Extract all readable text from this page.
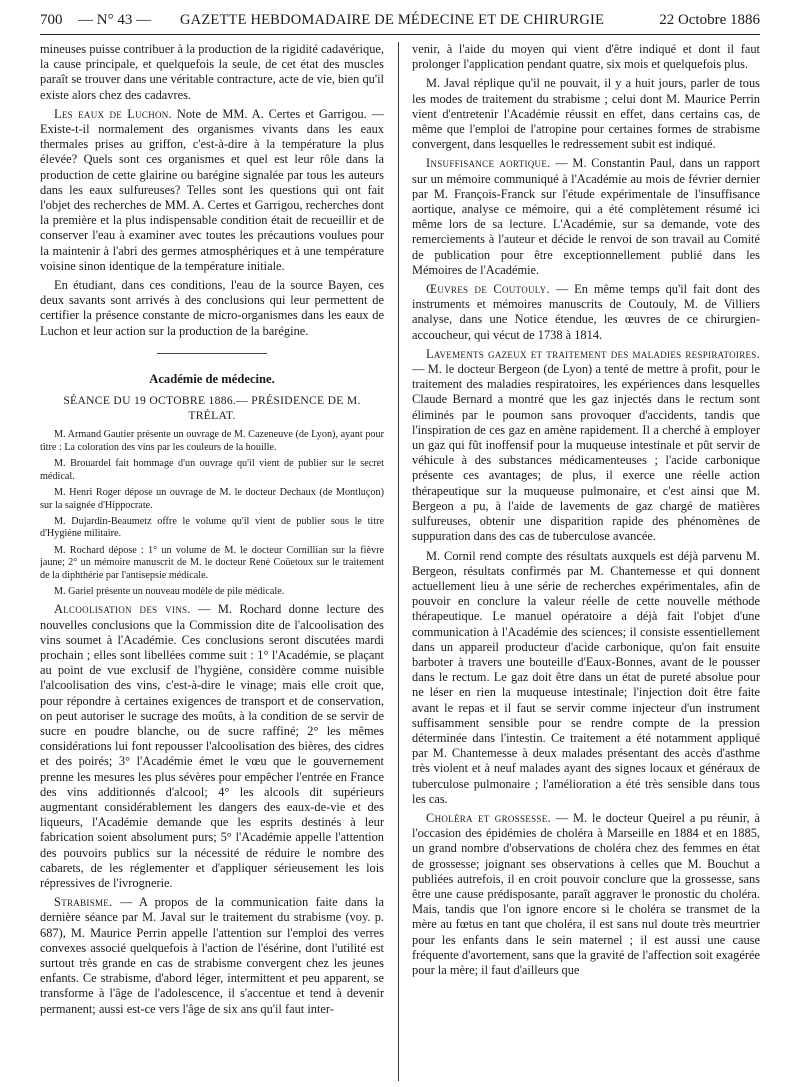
700 — N° 43 — GAZETTE HEBDOMADAIRE DE MÉDECINE ET DE CHIRURGIE	22 Octobre 1886

mineuses puisse contribuer à la production de la rigidité cadavérique, la cause principale, et quelquefois la seule, de cet état des muscles paraît se trouver dans une véritable contracture, acte de vie, bien qu'il existe alors chez des cadavres.

Les eaux de Luchon. Note de MM. A. Certes et Garrigou. — Existe-t-il normalement des organismes vivants dans les eaux thermales prises au griffon, c'est-à-dire à la température la plus élevée? Quels sont ces organismes et quel est leur rôle dans la production de cette glairine ou barégine signalée par tous les auteurs dans les eaux sulfureuses? Telles sont les questions qui ont fait l'objet des recherches de MM. A. Certes et Garrigou, recherches dont la première et la plus indispensable condition était de recueillir et de conserver l'eau à examiner avec toutes les précautions voulues pour la maintenir à l'abri des germes atmosphériques et à une température voisine sinon identique de la température initiale.

En étudiant, dans ces conditions, l'eau de la source Bayen, ces deux savants sont arrivés à des conclusions qui leur permettent de certifier la présence constante de micro-organismes dans les eaux de Luchon et leur action sur la production de la barégine.

Académie de médecine.
SÉANCE DU 19 OCTOBRE 1886.— PRÉSIDENCE DE M. TRÉLAT.

M. Armand Gautier présente un ouvrage de M. Cazeneuve (de Lyon), ayant pour titre : La coloration des vins par les couleurs de la houille.

M. Brouardel fait hommage d'un ouvrage qu'il vient de publier sur le secret médical.

M. Henri Roger dépose un ouvrage de M. le docteur Dechaux (de Montluçon) sur la saignée d'Hippocrate.

M. Dujardin-Beaumetz offre le volume qu'il vient de publier sous le titre d'Hygiène militaire.

M. Rochard dépose : 1° un volume de M. le docteur Cornillian sur la fièvre jaune; 2° un mémoire manuscrit de M. le docteur René Coüetoux sur le traitement de la diphthérie par l'antisepsie médicale.

M. Gariel présente un nouveau modèle de pile médicale.

Alcoolisation des vins. — M. Rochard donne lecture des nouvelles conclusions que la Commission dite de l'alcoolisation des vins soumet à l'Académie. Ces conclusions seront discutées mardi prochain ; elles sont libellées comme suit : 1° l'Académie, se plaçant au point de vue exclusif de l'hygiène, considère comme nuisible l'alcoolisation des vins, c'est-à-dire le vinage; mais elle croit que, pour répondre à certaines exigences de transport et de conservation, on peut autoriser le sucrage des moûts, à la condition de se servir de sucre en poudre blanche, ou de sucre raffiné; 2° les mêmes considérations lui font repousser l'alcoolisation des bières, des cidres et des poirés; 3° l'Académie émet le vœu que le gouvernement prenne les mesures les plus sévères pour empêcher l'entrée en France des vins additionnés d'alcool; 4° les alcools dit supérieurs augmentant considérablement les dangers des eaux-de-vie et des liqueurs, l'Académie demande que les esprits destinés à leur fabrication soient absolument purs; 5° l'Académie appelle l'attention des pouvoirs publics sur la nécessité de réduire le nombre des cabarets, de les réglementer et d'appliquer sérieusement les lois répressives de l'ivrognerie.

Strabisme. — A propos de la communication faite dans la dernière séance par M. Javal sur le traitement du strabisme (voy. p. 687), M. Maurice Perrin appelle l'attention sur l'emploi des verres convexes associé quelquefois à l'action de l'ésérine, dont l'utilité est surtout très grande en cas de strabisme convergent chez les jeunes enfants. Ce strabisme, d'abord léger, intermittent et peu apparent, se transforme à l'âge de l'adolescence, il s'accentue et tend à devenir permanent; aussi est-ce vers l'âge de six ans qu'il faut inter-

venir, à l'aide du moyen qui vient d'être indiqué et dont il faut prolonger l'application pendant quatre, six mois et quelquefois plus.

M. Javal réplique qu'il ne pouvait, il y a huit jours, parler de tous les modes de traitement du strabisme ; celui dont M. Maurice Perrin vient d'entretenir l'Académie réussit en effet, dans certains cas, de même que l'emploi de l'atropine pour certaines formes de strabisme convergent, dans lesquelles le redressement subit est indiqué.

Insuffisance aortique. — M. Constantin Paul, dans un rapport sur un mémoire communiqué à l'Académie au mois de février dernier par M. François-Franck sur l'étude expérimentale de l'insuffisance aortique, analyse ce mémoire, qui a été complètement résumé ici même lors de sa lecture. L'Académie, sur sa demande, vote des remerciements à l'auteur et décide le renvoi de son travail au Comité de publication pour être exceptionnellement publié dans les Mémoires de l'Académie.

Œuvres de Coutouly. — En même temps qu'il fait dont des instruments et mémoires manuscrits de Coutouly, M. de Villiers analyse, dans une Notice étendue, les œuvres de ce chirurgien-accoucheur, qui vécut de 1738 à 1814.

Lavements gazeux et traitement des maladies respiratoires. — M. le docteur Bergeon (de Lyon) a tenté de mettre à profit, pour le traitement des maladies respiratoires, les expériences dans lesquelles Claude Bernard a montré que les gaz injectés dans le rectum sont éliminés par le poumon sans provoquer d'accidents, tandis que l'inspiration de ces gaz en amène rapidement. Il a cherché à employer un gaz qui fût inoffensif pour la muqueuse intestinale et pût servir de véhicule à des substances médicamenteuses ; l'acide carbonique présente ces avantages; de plus, il exerce une réelle action thérapeutique sur la muqueuse pulmonaire, et c'est ainsi que M. Bergeon a pu, à l'aide de lavements de gaz chargé de matières sulfureuses, obtenir une disparition rapide des phénomènes de suppuration dans des cas de tuberculose avancée.

M. Cornil rend compte des résultats auxquels est déjà parvenu M. Bergeon, résultats confirmés par M. Chantemesse et qui donnent actuellement lieu à une série de recherches expérimentales, afin de pouvoir en conclure la valeur réelle de cette nouvelle méthode thérapeutique. Le manuel opératoire a déjà fait l'objet d'une communication à l'Académie des sciences; il consiste essentiellement dans un appareil producteur d'acide carbonique, qu'on fait ensuite barboter à travers une bouteille d'Eaux-Bonnes, avant de le pousser dans le rectum. Le gaz doit être dans un état de pureté absolue pour ne léser en rien la muqueuse intestinale; l'injection doit être faite avant le repas et il faut se servir comme injecteur d'un instrument suffisamment sensible pour se rendre compte de la pression déterminée dans l'intestin. Ce traitement a été notamment appliqué par M. Chantemesse à deux malades présentant des accès d'asthme très violent et à neuf malades ayant des signes locaux et généraux de tuberculose pulmonaire ; l'amélioration a été très sensible dans tous les cas.

Choléra et grossesse. — M. le docteur Queirel a pu réunir, à l'occasion des épidémies de choléra à Marseille en 1884 et en 1885, un grand nombre d'observations de choléra chez des femmes en état de grossesse; joignant ses observations à celles que M. Bouchut a publiées autrefois, il en croit pouvoir conclure que la grossesse, sans être une cause prédisposante, paraît aggraver le pronostic du choléra. Mais, tandis que l'on ignore encore si le choléra se transmet de la mère au fœtus en tant que choléra, il est sans nul doute très meurtrier pour les enfants dans le sein maternel ; il est aussi une cause fréquente d'avortement, sans que la gravité de l'affection soit exagérée pour la mère; il faut d'ailleurs que
